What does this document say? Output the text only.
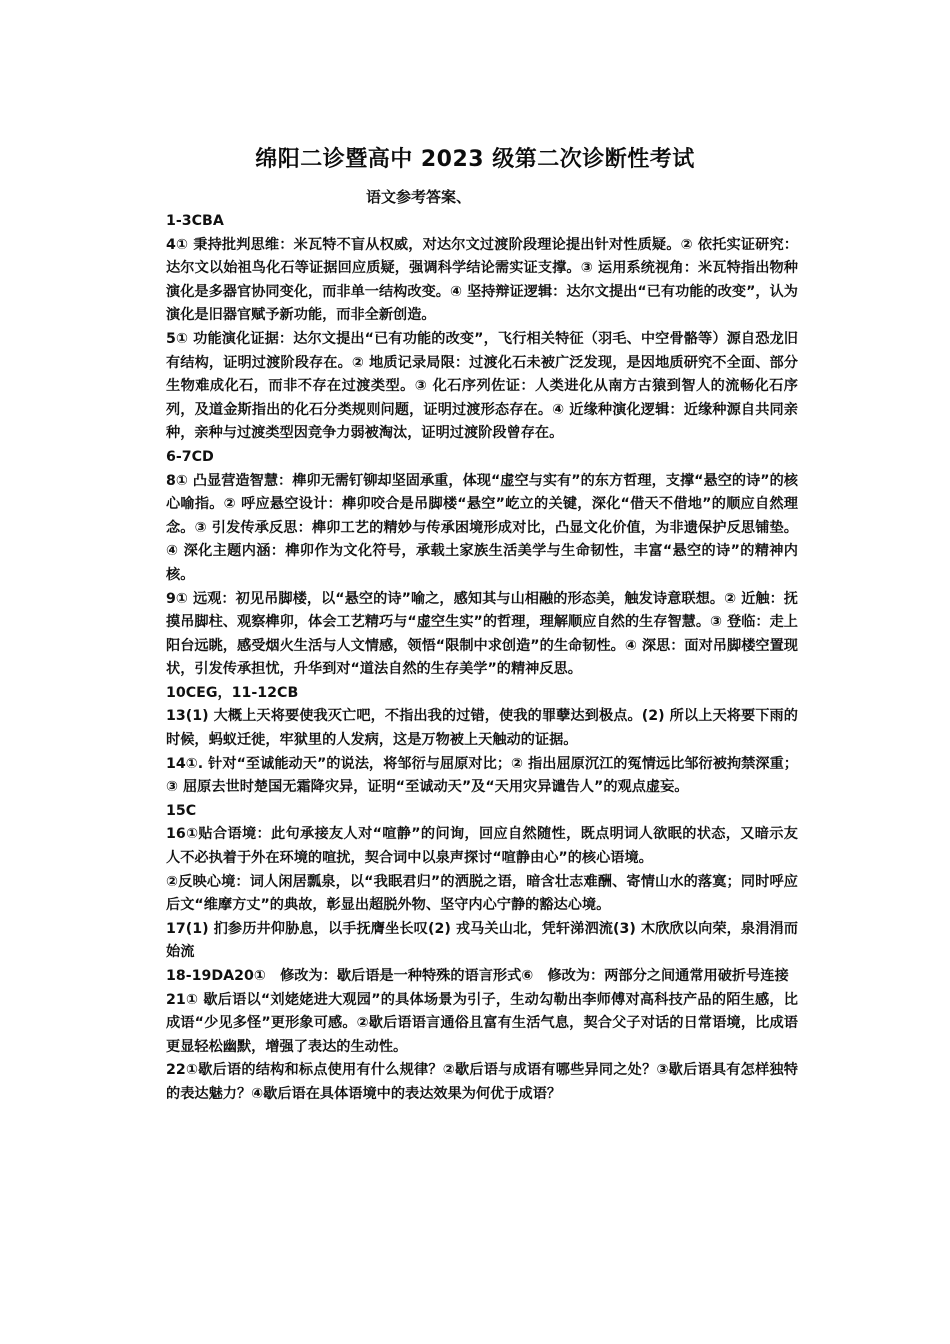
绵阳二诊暨高中 2023 级第二次诊断性考试
语文参考答案、

1-3CBA

4① 秉持批判思维：米瓦特不盲从权威，对达尔文过渡阶段理论提出针对性质疑。② 依托实证研究：达尔文以始祖鸟化石等证据回应质疑，强调科学结论需实证支撑。③ 运用系统视角：米瓦特指出物种演化是多器官协同变化，而非单一结构改变。④ 坚持辩证逻辑：达尔文提出“已有功能的改变”，认为演化是旧器官赋予新功能，而非全新创造。

5① 功能演化证据：达尔文提出“已有功能的改变”，飞行相关特征（羽毛、中空骨骼等）源自恐龙旧有结构，证明过渡阶段存在。② 地质记录局限：过渡化石未被广泛发现，是因地质研究不全面、部分生物难成化石，而非不存在过渡类型。③ 化石序列佐证：人类进化从南方古猿到智人的流畅化石序列，及道金斯指出的化石分类规则问题，证明过渡形态存在。④ 近缘种演化逻辑：近缘种源自共同亲种，亲种与过渡类型因竞争力弱被淘汰，证明过渡阶段曾存在。

6-7CD

8① 凸显营造智慧：榫卯无需钉铆却坚固承重，体现“虚空与实有”的东方哲理，支撑“悬空的诗”的核心喻指。② 呼应悬空设计：榫卯咬合是吊脚楼“悬空”屹立的关键，深化“借天不借地”的顺应自然理念。③ 引发传承反思：榫卯工艺的精妙与传承困境形成对比，凸显文化价值，为非遗保护反思铺垫。④ 深化主题内涵：榫卯作为文化符号，承载土家族生活美学与生命韧性，丰富“悬空的诗”的精神内核。

9① 远观：初见吊脚楼，以“悬空的诗”喻之，感知其与山相融的形态美，触发诗意联想。② 近触：抚摸吊脚柱、观察榫卯，体会工艺精巧与“虚空生实”的哲理，理解顺应自然的生存智慧。③ 登临：走上阳台远眺，感受烟火生活与人文情感，领悟“限制中求创造”的生命韧性。④ 深思：面对吊脚楼空置现状，引发传承担忧，升华到对“道法自然的生存美学”的精神反思。

10CEG，11-12CB

13(1) 大概上天将要使我灭亡吧，不指出我的过错，使我的罪孽达到极点。(2) 所以上天将要下雨的时候，蚂蚁迁徙，牢狱里的人发病，这是万物被上天触动的证据。

14①. 针对“至诚能动天”的说法，将邹衍与屈原对比；② 指出屈原沉江的冤情远比邹衍被拘禁深重；③ 屈原去世时楚国无霜降灾异，证明“至诚动天”及“天用灾异谴告人”的观点虚妄。

15C

16①贴合语境：此句承接友人对“喧静”的问询，回应自然随性，既点明词人欲眠的状态，又暗示友人不必执着于外在环境的喧扰，契合词中以泉声探讨“喧静由心”的核心语境。

②反映心境：词人闲居瓢泉，以“我眠君归”的洒脱之语，暗含壮志难酬、寄情山水的落寞；同时呼应后文“维摩方丈”的典故，彰显出超脱外物、坚守内心宁静的豁达心境。

17(1) 扪参历井仰胁息，以手抚膺坐长叹(2) 戎马关山北，凭轩涕泗流(3) 木欣欣以向荣，泉涓涓而始流

18-19DA20①　修改为：歇后语是一种特殊的语言形式⑥　修改为：两部分之间通常用破折号连接

21① 歇后语以“刘姥姥进大观园”的具体场景为引子，生动勾勒出李师傅对高科技产品的陌生感，比成语“少见多怪”更形象可感。②歇后语语言通俗且富有生活气息，契合父子对话的日常语境，比成语更显轻松幽默，增强了表达的生动性。

22①歇后语的结构和标点使用有什么规律？②歇后语与成语有哪些异同之处？③歇后语具有怎样独特的表达魅力？④歇后语在具体语境中的表达效果为何优于成语？
